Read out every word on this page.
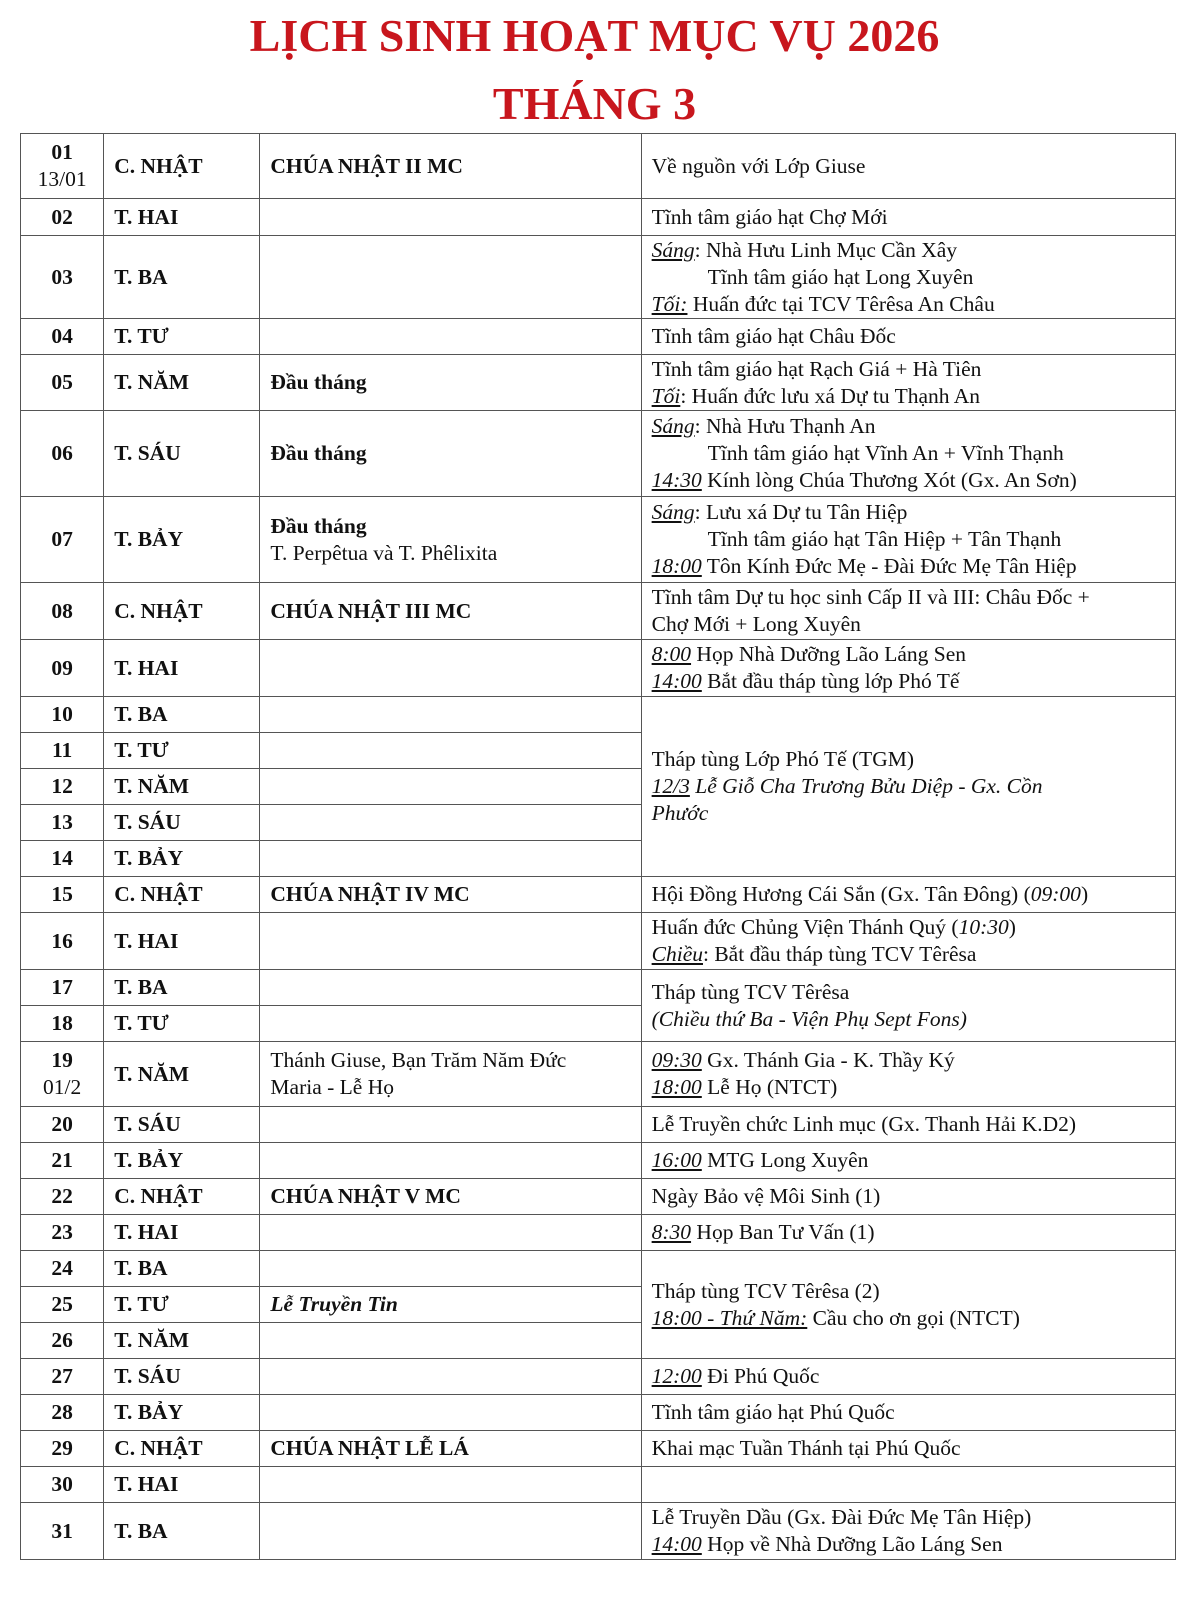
LỊCH SINH HOẠT MỤC VỤ 2026
THÁNG 3
01
13/01	C. NHẬT	CHÚA NHẬT II MC	Về nguồn với Lớp Giuse
02	T. HAI		Tĩnh tâm giáo hạt Chợ Mới
03	T. BA		Sáng: Nhà Hưu Linh Mục Cần Xây
Tĩnh tâm giáo hạt Long Xuyên
Tối: Huấn đức tại TCV Têrêsa An Châu

04	T. TƯ		Tĩnh tâm giáo hạt Châu Đốc
05	T. NĂM	Đầu tháng	Tĩnh tâm giáo hạt Rạch Giá + Hà Tiên
Tối: Huấn đức lưu xá Dự tu Thạnh An

06	T. SÁU	Đầu tháng	Sáng: Nhà Hưu Thạnh An
Tĩnh tâm giáo hạt Vĩnh An + Vĩnh Thạnh
14:30 Kính lòng Chúa Thương Xót (Gx. An Sơn)

07	T. BẢY	Đầu tháng
T. Perpêtua và T. Phêlixita	Sáng: Lưu xá Dự tu Tân Hiệp
Tĩnh tâm giáo hạt Tân Hiệp + Tân Thạnh
18:00 Tôn Kính Đức Mẹ - Đài Đức Mẹ Tân Hiệp

08	C. NHẬT	CHÚA NHẬT III MC	Tĩnh tâm Dự tu học sinh Cấp II và III: Châu Đốc +
Chợ Mới + Long Xuyên

09	T. HAI		8:00 Họp Nhà Dưỡng Lão Láng Sen
14:00 Bắt đầu tháp tùng lớp Phó Tế

10	T. BA		Tháp tùng Lớp Phó Tế (TGM)
12/3 Lễ Giỗ Cha Trương Bửu Diệp - Gx. Cồn
Phước

11	T. TƯ		
12	T. NĂM		
13	T. SÁU		
14	T. BẢY		
15	C. NHẬT	CHÚA NHẬT IV MC	Hội Đồng Hương Cái Sắn (Gx. Tân Đông) (09:00)

16	T. HAI		Huấn đức Chủng Viện Thánh Quý (10:30)
Chiều: Bắt đầu tháp tùng TCV Têrêsa

17	T. BA		Tháp tùng TCV Têrêsa
(Chiều thứ Ba - Viện Phụ Sept Fons)

18	T. TƯ		
19
01/2	T. NĂM	Thánh Giuse, Bạn Trăm Năm Đức
Maria - Lễ Họ	09:30 Gx. Thánh Gia - K. Thầy Ký
18:00 Lễ Họ (NTCT)

20	T. SÁU		Lễ Truyền chức Linh mục (Gx. Thanh Hải K.D2)
21	T. BẢY		16:00 MTG Long Xuyên

22	C. NHẬT	CHÚA NHẬT V MC	Ngày Bảo vệ Môi Sinh (1)
23	T. HAI		8:30 Họp Ban Tư Vấn (1)

24	T. BA		Tháp tùng TCV Têrêsa (2)
18:00 - Thứ Năm: Cầu cho ơn gọi (NTCT)

25	T. TƯ	Lễ Truyền Tin	
26	T. NĂM		
27	T. SÁU		12:00 Đi Phú Quốc

28	T. BẢY		Tĩnh tâm giáo hạt Phú Quốc
29	C. NHẬT	CHÚA NHẬT LỄ LÁ	Khai mạc Tuần Thánh tại Phú Quốc
30	T. HAI		
31	T. BA		Lễ Truyền Dầu (Gx. Đài Đức Mẹ Tân Hiệp)
14:00 Họp về Nhà Dưỡng Lão Láng Sen
